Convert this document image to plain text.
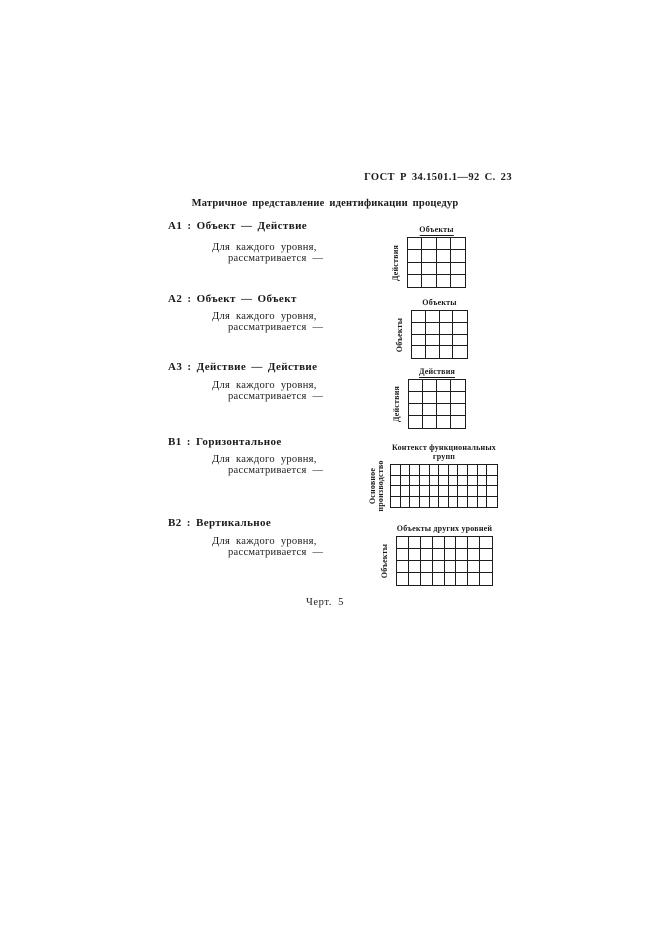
ГОСТ Р 34.1501.1—92 С. 23
Матричное представление идентификации процедур
А1 : Объект — Действие
Для каждого уровня,
рассматривается —
Объекты
Действия
А2 : Объект — Объект
Для каждого уровня,
рассматривается —
Объекты
Объекты
А3 : Действие — Действие
Для каждого уровня,
рассматривается —
Действия
Действия
В1 : Горизонтальное
Для каждого уровня,
рассматривается —
Контекст функциональных
групп
Основное производство
В2 : Вертикальное
Для каждого уровня,
рассматривается —
Объекты других уровней
Объекты
Черт. 5
